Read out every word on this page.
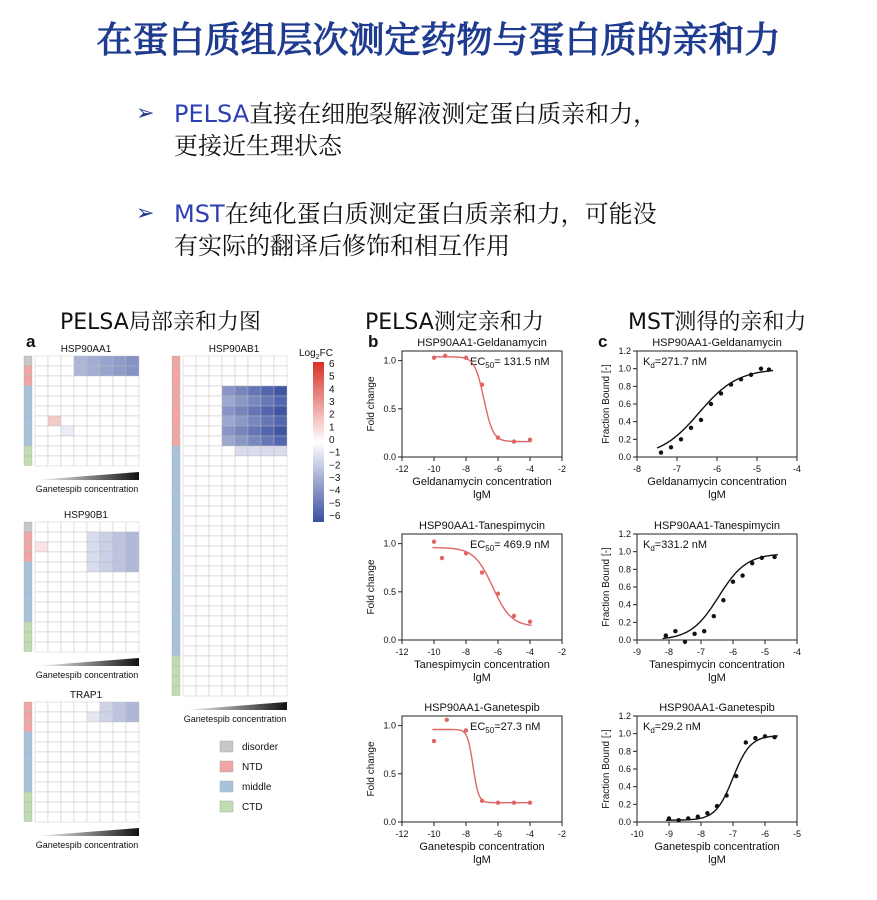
在蛋白质组层次测定药物与蛋白质的亲和力
➢ PELSA直接在细胞裂解液测定蛋白质亲和力，
更接近生理状态
➢ MST在纯化蛋白质测定蛋白质亲和力，可能没
有实际的翻译后修饰和相互作用
PELSA局部亲和力图	PELSA测定亲和力	MST测得的亲和力
a	b	c
HSP90AA1
Ganetespib concentration
HSP90B1
Ganetespib concentration
TRAP1
Ganetespib concentration
HSP90AB1
Ganetespib concentration
Log$_2$FC
6
5
4
3
2
1
0
−1
−2
−3
−4
−5
−6
disorder
NTD
middle
CTD
HSP90AA1-Geldanamycin
$EC_{50}= 131.5$ nM
-12 -10 -8	-6	-4	-2
0.0
0.5
1.0
Geldanamycin concentration
lgM
Fold change
HSP90AA1-Tanespimycin
$EC_{50}= 469.9$ nM
-12 -10 -8	-6	-4	-2
0.0
0.5
1.0
Tanespimycin concentration
lgM
Fold change
HSP90AA1-Ganetespib
$EC_{50}=27.3$ nM
-12 -10 -8	-6	-4	-2
0.0
0.5
1.0
Ganetespib concentration
lgM
Fold change
HSP90AA1-Geldanamycin
$K_d=271.7$ nM
-8	-7	-6	-5	-4
0.0
0.2
0.4
0.6
0.8
1.0
1.2
Geldanamycin concentration
lgM
Fraction Bound [-]
HSP90AA1-Tanespimycin
$K_d=331.2$ nM
-9	-8	-7	-6	-5	-4
0.0
0.2
0.4
0.6
0.8
1.0
1.2
Tanespimycin concentration
lgM
Fraction Bound [-]
HSP90AA1-Ganetespib
$K_d=29.2$ nM
-10 -9	-8	-7	-6	-5
0.0
0.2
0.4
0.6
0.8
1.0
1.2
Ganetespib concentration
lgM
Fraction Bound [-]
